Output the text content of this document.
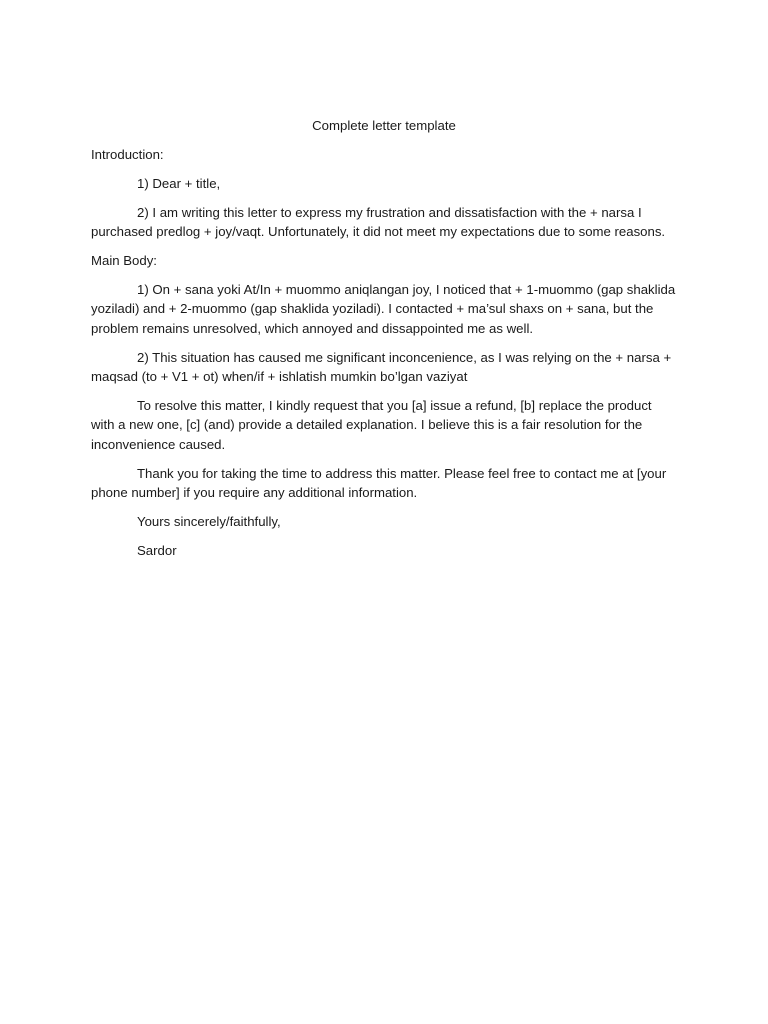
Complete letter template
Introduction:
1) Dear + title,
2) I am writing this letter to express my frustration and dissatisfaction with the + narsa I purchased predlog + joy/vaqt. Unfortunately, it did not meet my expectations due to some reasons.
Main Body:
1) On + sana yoki At/In + muommo aniqlangan joy, I noticed that + 1-muommo (gap shaklida yoziladi) and + 2-muommo (gap shaklida yoziladi). I contacted + ma’sul shaxs on + sana, but the problem remains unresolved, which annoyed and dissappointed me as well.
2) This situation has caused me significant inconcenience, as I was relying on the + narsa + maqsad (to + V1 + ot) when/if + ishlatish mumkin bo’lgan vaziyat
To resolve this matter, I kindly request that you [a] issue a refund, [b] replace the product with a new one, [c] (and) provide a detailed explanation. I believe this is a fair resolution for the inconvenience caused.
Thank you for taking the time to address this matter. Please feel free to contact me at [your phone number] if you require any additional information.
Yours sincerely/faithfully,
Sardor
